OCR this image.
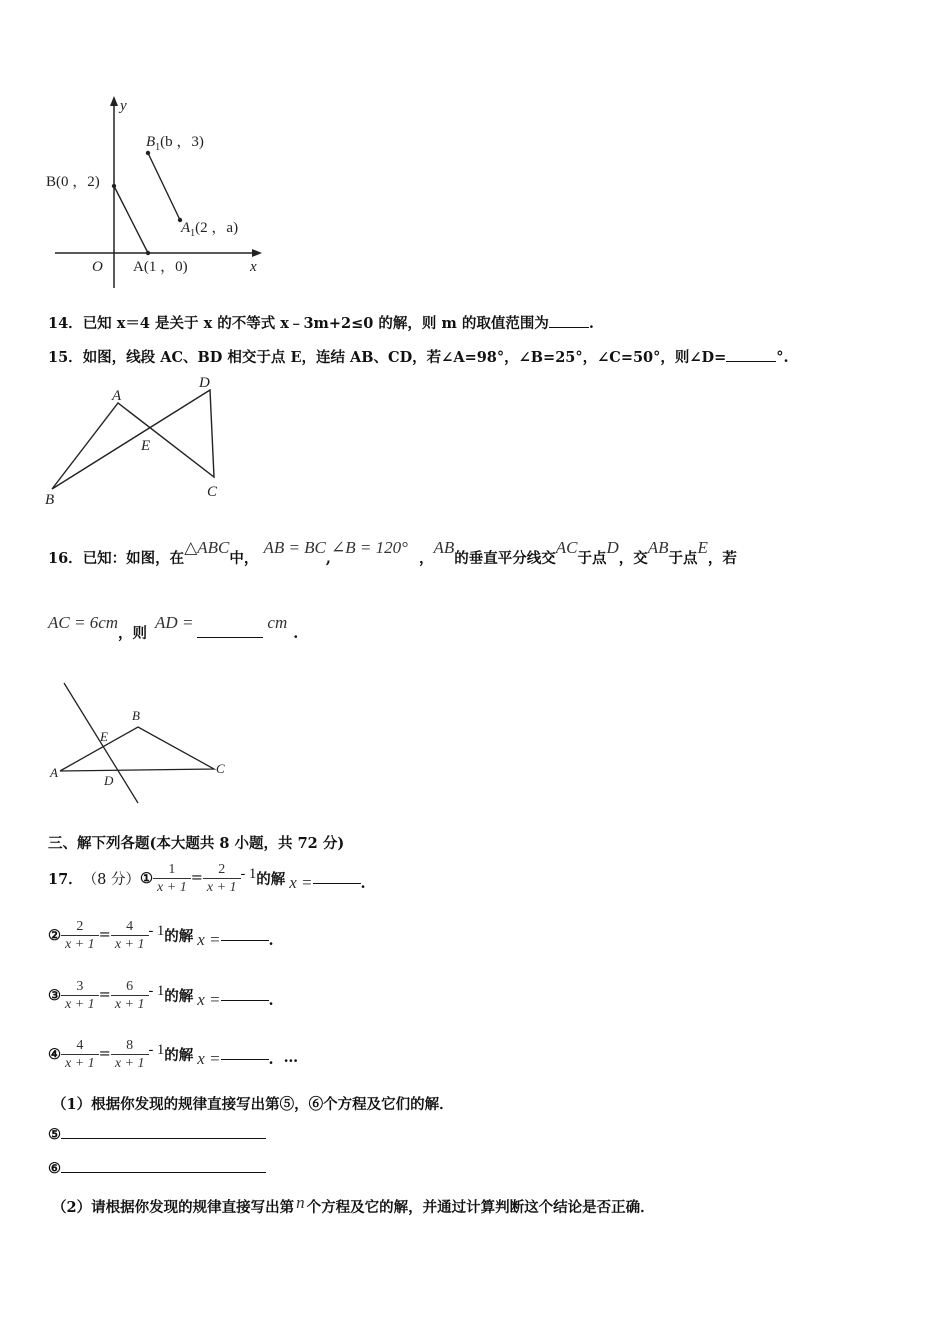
y
x
O
$B_1(b$ ，3)
$A_1(2$ ，a)
B(0 ，2)
A(1 ，0)
14．已知 x＝4 是关于 x 的不等式 x﹣3m+2≤0 的解，则 m 的取值范围为	.
15．如图，线段 AC、BD 相交于点 E，连结 AB、CD，若∠A=98°，∠B=25°，∠C=50°，则∠D=	°.
A
D
E
B	C
16．已知：如图，在△ABC中， AB = BC,∠B = 120° ，AB的垂直平分线交AC于点D，交AB于点E，若
AC = 6cm，则AD =	cm.
B
E
C
A
D
三、解下列各题(本大题共 8 小题，共 72 分)
17． （8 分） ① $\frac{1}{x + 1} = \frac{2}{x + 1} - 1$ 的解 x =	.
② $\frac{2}{x + 1} = \frac{4}{x + 1} - 1$ 的解 x =	.
③ $\frac{3}{x + 1} = \frac{6}{x + 1} - 1$ 的解 x =	.
④ $\frac{4}{x + 1} = \frac{8}{x + 1} - 1$ 的解 x =	. …
（1）根据你发现的规律直接写出第⑤，⑥个方程及它们的解．
⑤
⑥
（2）请根据你发现的规律直接写出第 n 个方程及它的解，并通过计算判断这个结论是否正确．
